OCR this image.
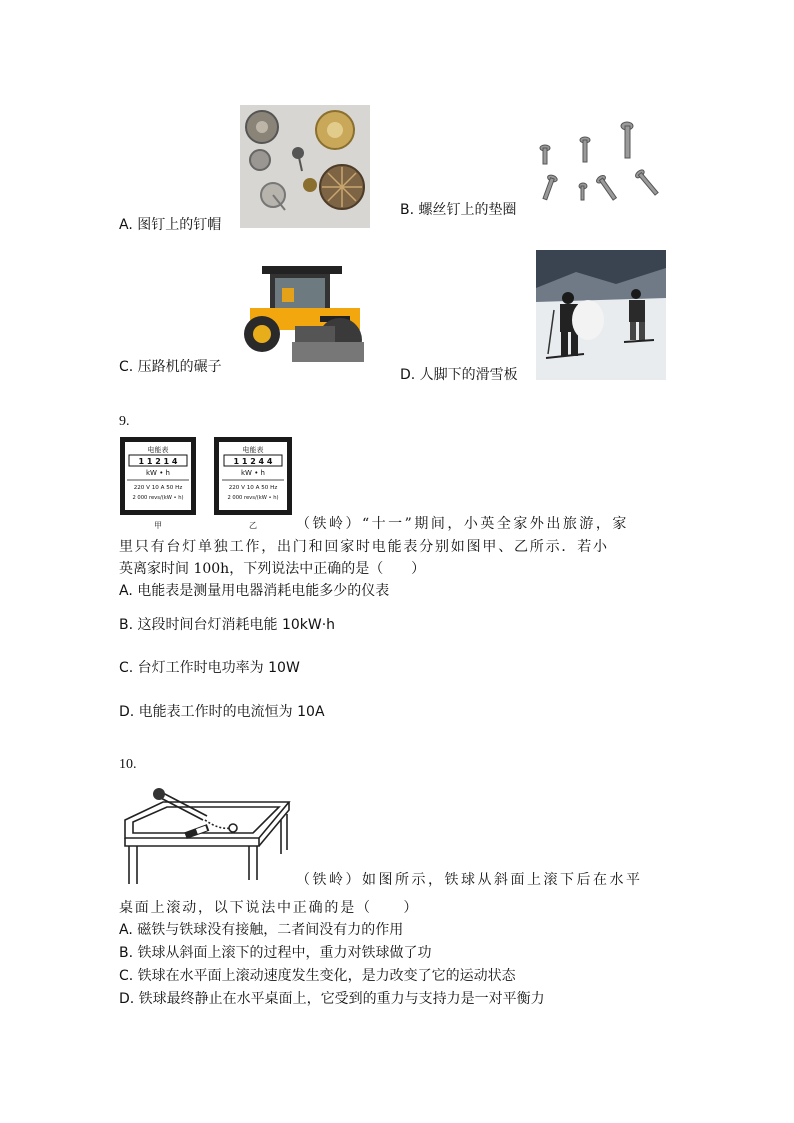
A. 图钉上的钉帽
B. 螺丝钉上的垫圈
C. 压路机的碾子	D. 人脚下的滑雪板
9.
电能表
1 1 2 1 4
kW • h
220 V 10 A 50 Hz
2 000 revs/(kW • h)
甲
电能表
1 1 2 4 4
kW • h
220 V 10 A 50 Hz
2 000 revs/(kW • h)
乙	（铁岭）“十一”期间，小英全家外出旅游，家
里只有台灯单独工作，出门和回家时电能表分别如图甲、乙所示．若小
英离家时间 100h，下列说法中正确的是（　　）
A. 电能表是测量用电器消耗电能多少的仪表
B. 这段时间台灯消耗电能 10kW·h
C. 台灯工作时电功率为 10W
D. 电能表工作时的电流恒为 10A
10.
（铁岭）如图所示，铁球从斜面上滚下后在水平
桌面上滚动，以下说法中正确的是（　　）
A. 磁铁与铁球没有接触，二者间没有力的作用
B. 铁球从斜面上滚下的过程中，重力对铁球做了功
C. 铁球在水平面上滚动速度发生变化，是力改变了它的运动状态
D. 铁球最终静止在水平桌面上，它受到的重力与支持力是一对平衡力
